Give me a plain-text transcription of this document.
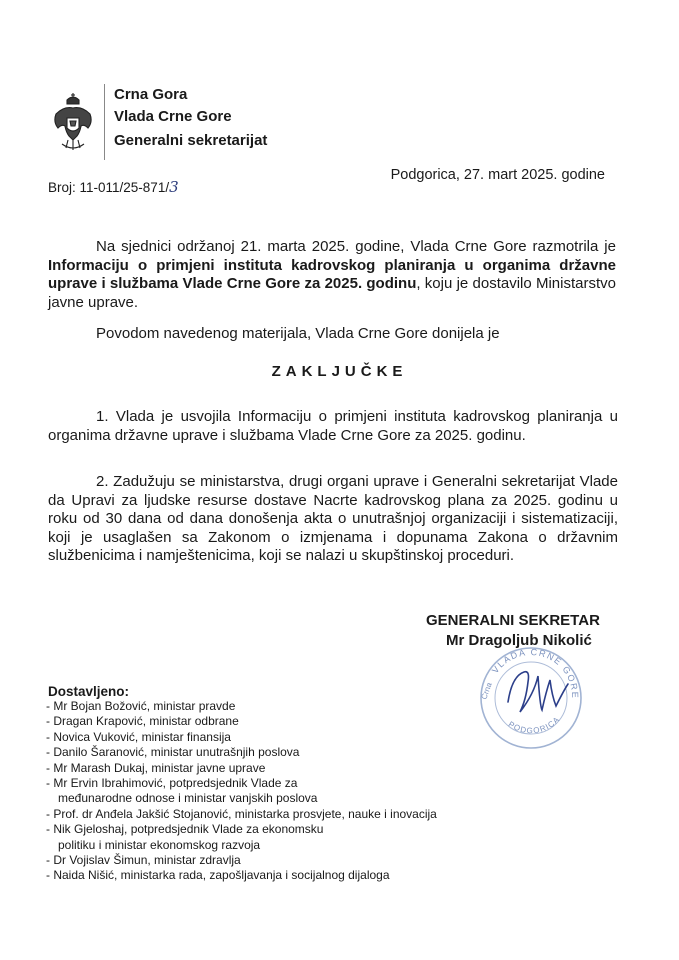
Crna Gora
Vlada Crne Gore
Generalni sekretarijat
Broj: 11-011/25-871/3
Podgorica, 27. mart 2025. godine
Na sjednici održanoj 21. marta 2025. godine, Vlada Crne Gore razmotrila je Informaciju o primjeni instituta kadrovskog planiranja u organima državne uprave i službama Vlade Crne Gore za 2025. godinu, koju je dostavilo Ministarstvo javne uprave.
Povodom navedenog materijala, Vlada Crne Gore donijela je
ZAKLJUČKE
1. Vlada je usvojila Informaciju o primjeni instituta kadrovskog planiranja u organima državne uprave i službama Vlade Crne Gore za 2025. godinu.
2. Zadužuju se ministarstva, drugi organi uprave i Generalni sekretarijat Vlade da Upravi za ljudske resurse dostave Nacrte kadrovskog plana za 2025. godinu u roku od 30 dana od dana donošenja akta o unutrašnjoj organizaciji i sistematizaciji, koji je usaglašen sa Zakonom o izmjenama i dopunama Zakona o državnim službenicima i namještenicima, koji se nalazi u skupštinskoj proceduri.
VLADA CRNE GORE
PODGORICA
Crna
GENERALNI SEKRETAR
Mr Dragoljub Nikolić
Dostavljeno:
- Mr Bojan Božović, ministar pravde
- Dragan Krapović, ministar odbrane
- Novica Vuković, ministar finansija
- Danilo Šaranović, ministar unutrašnjih poslova
- Mr Marash Dukaj, ministar javne uprave
- Mr Ervin Ibrahimović, potpredsjednik Vlade za
međunarodne odnose i ministar vanjskih poslova
- Prof. dr Anđela Jakšić Stojanović, ministarka prosvjete, nauke i inovacija
- Nik Gjeloshaj, potpredsjednik Vlade za ekonomsku
politiku i ministar ekonomskog razvoja
- Dr Vojislav Šimun, ministar zdravlja
- Naida Nišić, ministarka rada, zapošljavanja i socijalnog dijaloga
